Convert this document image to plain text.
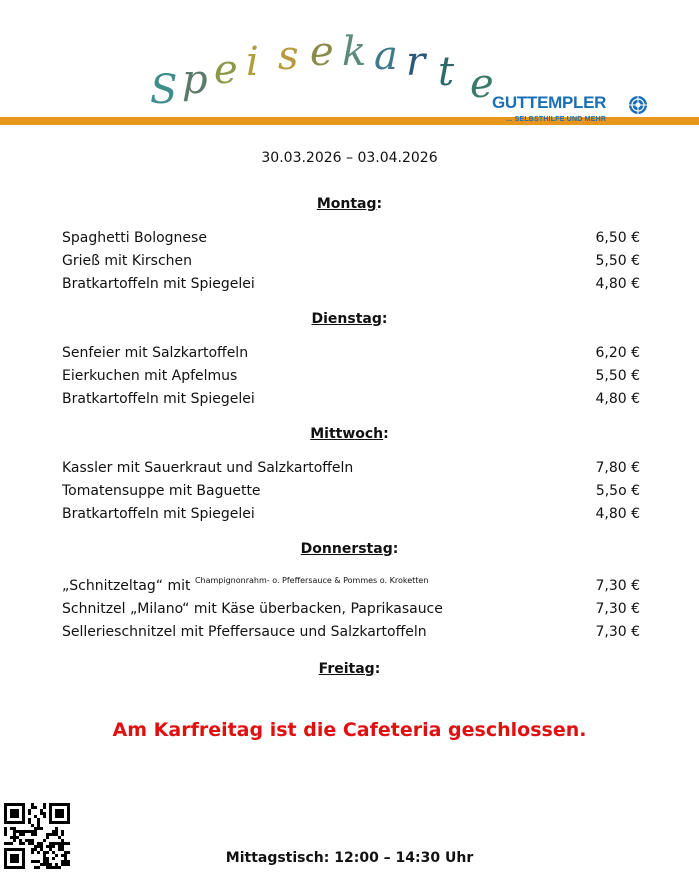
S p e i s e k a r t e
GUTTEMPLER
... SELBSTHILFE UND MEHR
30.03.2026 – 03.04.2026
Montag:
Spaghetti Bolognese	6,50 €
Grieß mit Kirschen	5,50 €
Bratkartoffeln mit Spiegelei	4,80 €
Dienstag:
Senfeier mit Salzkartoffeln	6,20 €
Eierkuchen mit Apfelmus	5,50 €
Bratkartoffeln mit Spiegelei	4,80 €
Mittwoch:
Kassler mit Sauerkraut und Salzkartoffeln	7,80 €
Tomatensuppe mit Baguette	5,5o €
Bratkartoffeln mit Spiegelei	4,80 €
Donnerstag:
„Schnitzeltag“ mit $^{Champignonrahm- o. Pfeffersauce \& Pommes o. Kroketten}$	7,30 €
Schnitzel „Milano“ mit Käse überbacken, Paprikasauce	7,30 €
Sellerieschnitzel mit Pfeffersauce und Salzkartoffeln	7,30 €
Freitag:
Am Karfreitag ist die Cafeteria geschlossen.
Mittagstisch: 12:00 – 14:30 Uhr
